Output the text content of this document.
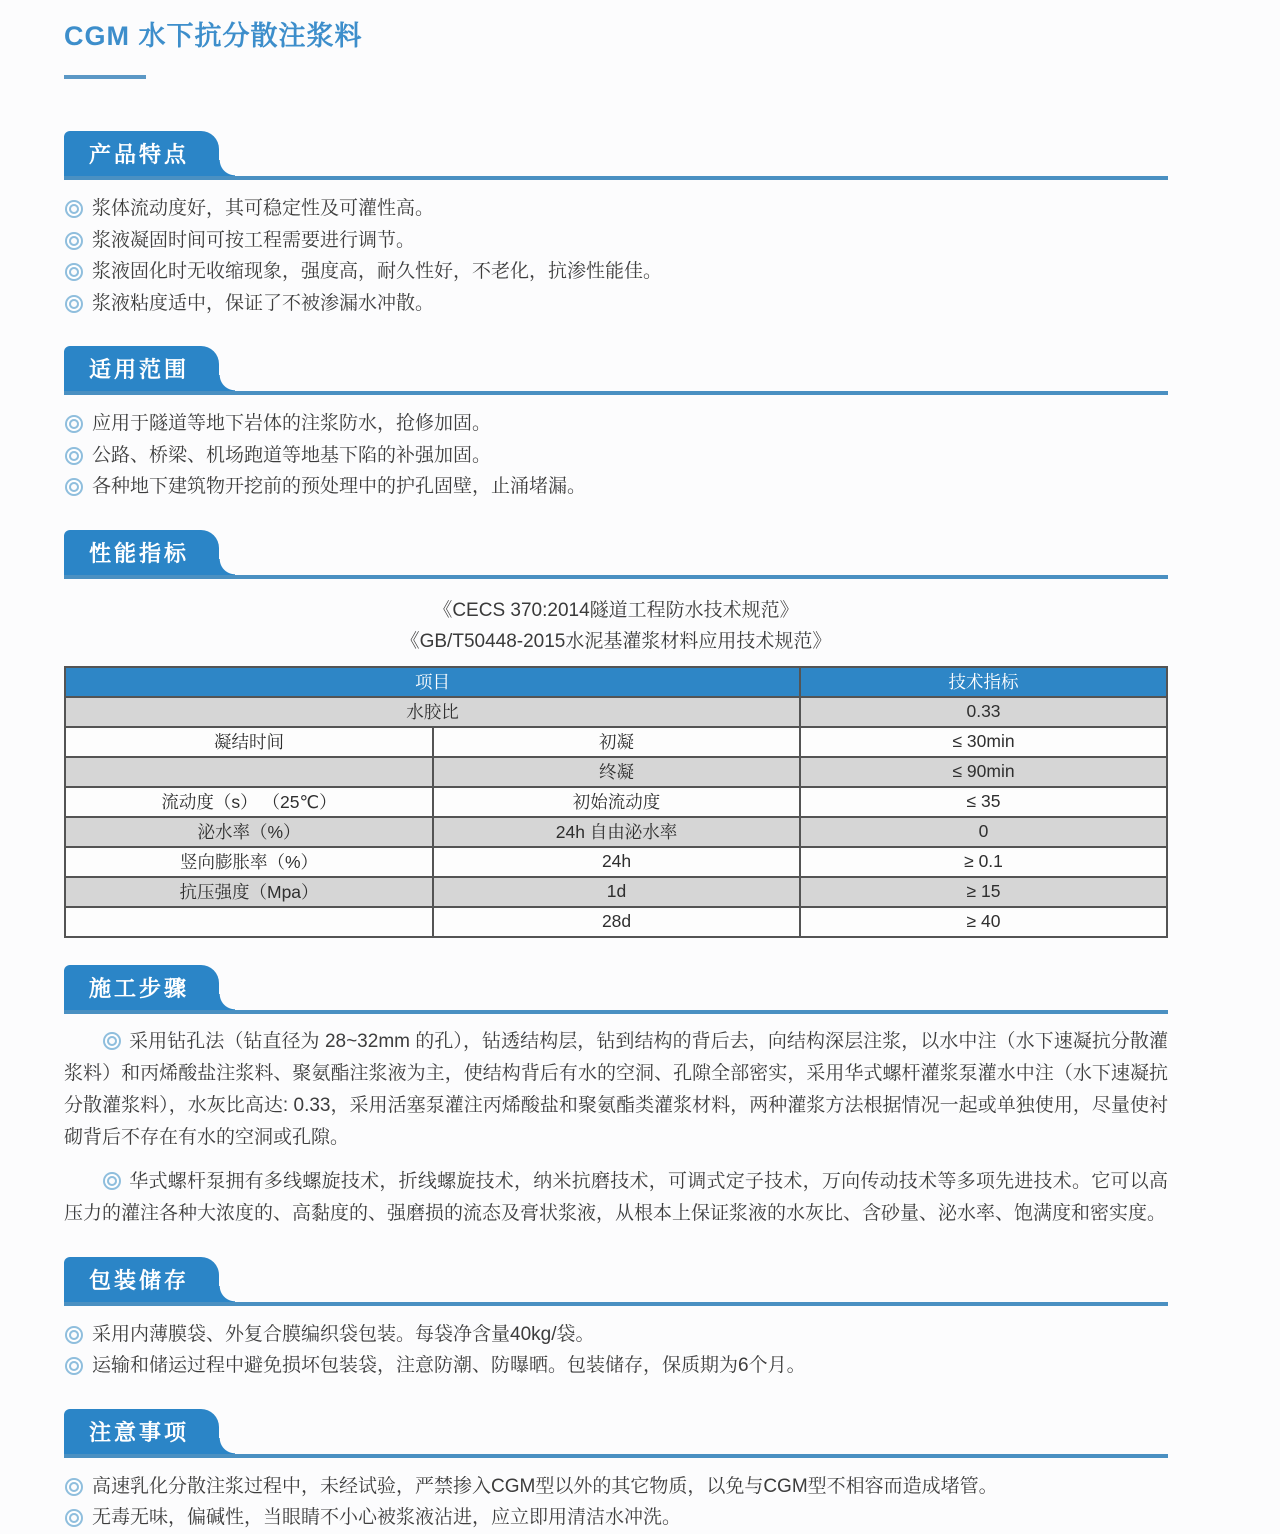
CGM 水下抗分散注浆料
产品特点
浆体流动度好，其可稳定性及可灌性高。
浆液凝固时间可按工程需要进行调节。
浆液固化时无收缩现象，强度高，耐久性好，不老化，抗渗性能佳。
浆液粘度适中，保证了不被渗漏水冲散。
适用范围
应用于隧道等地下岩体的注浆防水，抢修加固。
公路、桥梁、机场跑道等地基下陷的补强加固。
各种地下建筑物开挖前的预处理中的护孔固壁，止涌堵漏。
性能指标
《CECS 370:2014隧道工程防水技术规范》
《GB/T50448-2015水泥基灌浆材料应用技术规范》
项目		技术指标
水胶比		0.33
凝结时间	初凝	≤ 30min
	终凝	≤ 90min
流动度（s） （25℃）	初始流动度	≤ 35
泌水率（%）	24h 自由泌水率	0
竖向膨胀率（%）	24h	≥ 0.1
抗压强度（Mpa）	1d	≥ 15
	28d	≥ 40
施工步骤

采用钻孔法（钻直径为 28~32mm 的孔），钻透结构层，钻到结构的背后去，向结构深层注浆，以水中注（水下速凝抗分散灌浆料）和丙烯酸盐注浆料、聚氨酯注浆液为主，使结构背后有水的空洞、孔隙全部密实，采用华式螺杆灌浆泵灌水中注（水下速凝抗分散灌浆料），水灰比高达: 0.33，采用活塞泵灌注丙烯酸盐和聚氨酯类灌浆材料，两种灌浆方法根据情况一起或单独使用，尽量使衬砌背后不存在有水的空洞或孔隙。

华式螺杆泵拥有多线螺旋技术，折线螺旋技术，纳米抗磨技术，可调式定子技术，万向传动技术等多项先进技术。它可以高压力的灌注各种大浓度的、高黏度的、强磨损的流态及膏状浆液，从根本上保证浆液的水灰比、含砂量、泌水率、饱满度和密实度。

包装储存
采用内薄膜袋、外复合膜编织袋包装。每袋净含量40kg/袋。
运输和储运过程中避免损坏包装袋，注意防潮、防曝晒。包装储存，保质期为6个月。
注意事项
高速乳化分散注浆过程中，未经试验，严禁掺入CGM型以外的其它物质，以免与CGM型不相容而造成堵管。
无毒无味，偏碱性，当眼睛不小心被浆液沾进，应立即用清洁水冲洗。
